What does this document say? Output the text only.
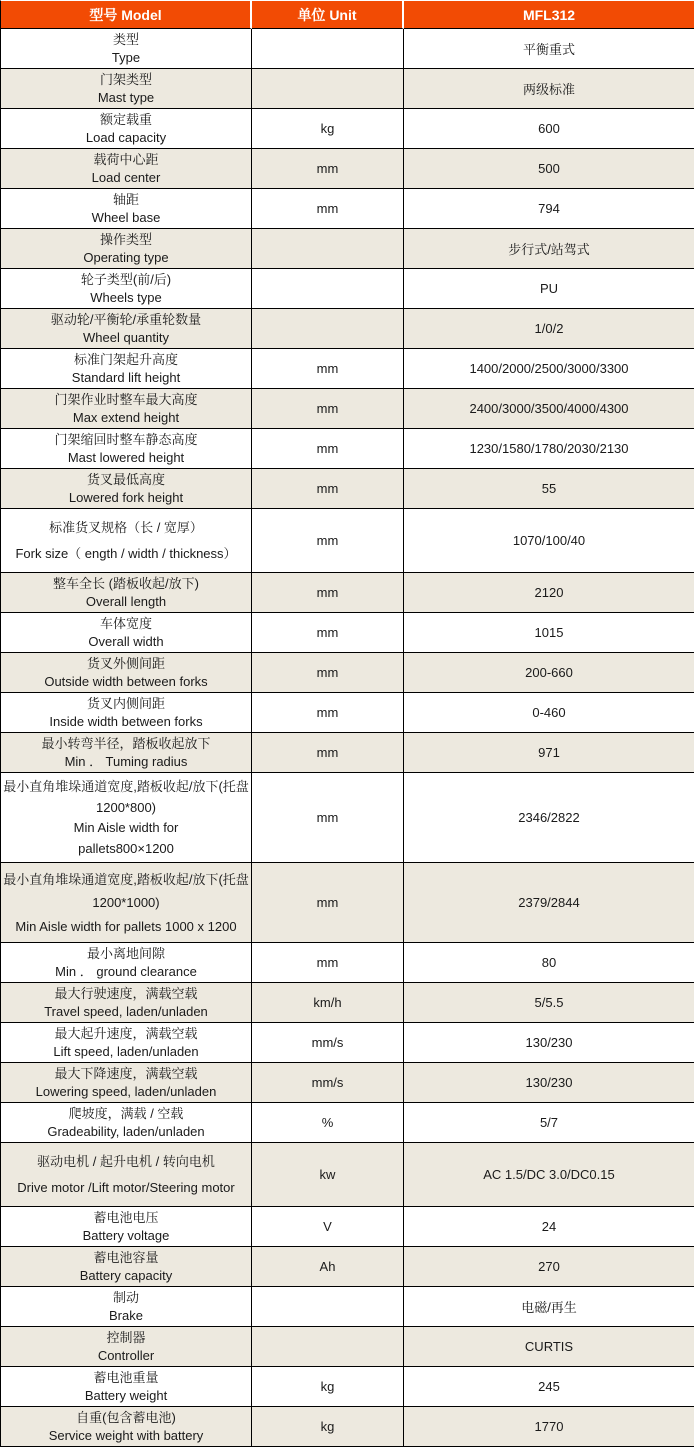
型号 Model	单位 Unit	MFL312

类型
Type		平衡重式

门架类型
Mast type		两级标准

额定载重
Load capacity	kg	600

载荷中心距
Load center	mm	500

轴距
Wheel base	mm	794

操作类型
Operating type		步行式/站驾式

轮子类型(前/后)
Wheels type		PU

驱动轮/平衡轮/承重轮数量
Wheel quantity		1/0/2

标准门架起升高度
Standard lift height	mm	1400/2000/2500/3000/3300

门架作业时整车最大高度
Max extend height	mm	2400/3000/3500/4000/4300

门架缩回时整车静态高度
Mast lowered height	mm	1230/1580/1780/2030/2130

货叉最低高度
Lowered fork height	mm	55

标准货叉规格（长 / 宽厚）
Fork size（ ength / width / thickness）	mm	1070/100/40

整车全长 (踏板收起/放下)
Overall length	mm	2120

车体宽度
Overall width	mm	1015

货叉外侧间距
Outside width between forks	mm	200-660

货叉内侧间距
Inside width between forks	mm	0-460

最小转弯半径，踏板收起放下
Min ． Tuming radius	mm	971

最小直角堆垛通道宽度,踏板收起/放下(托盘
1200*800)
Min Aisle width for
pallets800×1200	mm	2346/2822

最小直角堆垛通道宽度,踏板收起/放下(托盘
1200*1000)
Min Aisle width for pallets 1000 x 1200	mm	2379/2844

最小离地间隙
Min ． ground clearance	mm	80

最大行驶速度，满载空载
Travel speed, laden/unladen	km/h	5/5.5

最大起升速度，满载空载
Lift speed, laden/unladen	mm/s	130/230

最大下降速度，满载空载
Lowering speed, laden/unladen	mm/s	130/230

爬坡度，满载 / 空载
Gradeability, laden/unladen	%	5/7

驱动电机 / 起升电机 / 转向电机
Drive motor /Lift motor/Steering motor	kw	AC 1.5/DC 3.0/DC0.15

蓄电池电压
Battery voltage	V	24

蓄电池容量
Battery capacity	Ah	270

制动
Brake		电磁/再生

控制器
Controller		CURTIS

蓄电池重量
Battery weight	kg	245

自重(包含蓄电池)
Service weight with battery	kg	1770
